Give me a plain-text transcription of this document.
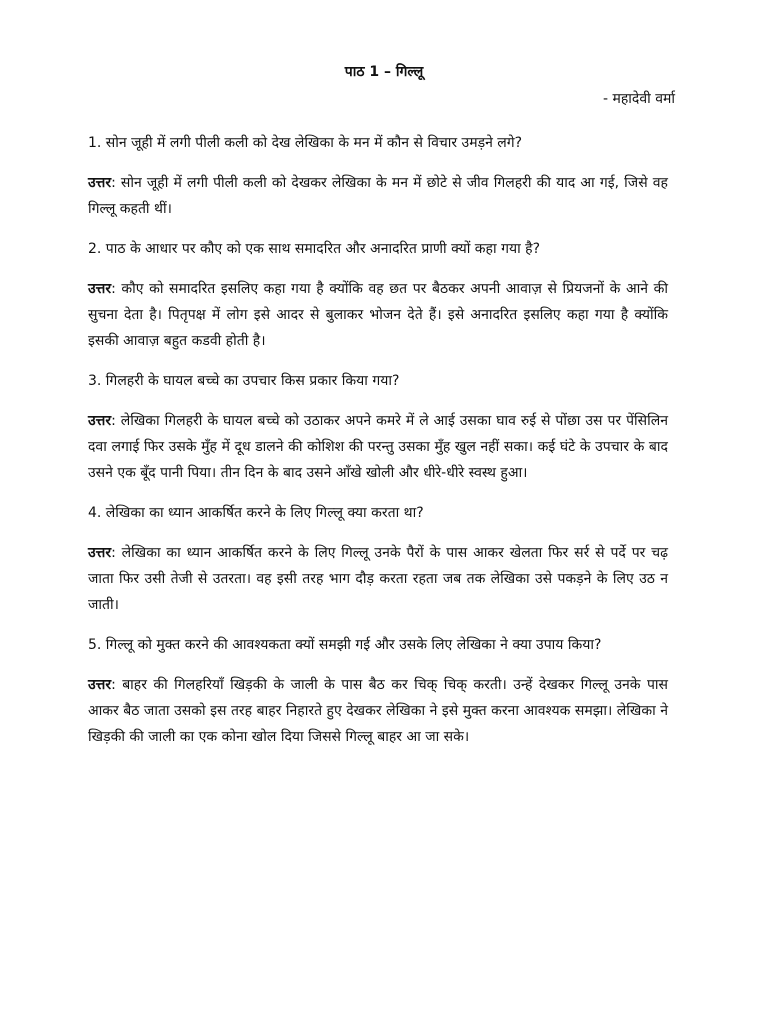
पाठ 1 – गिल्लू
- महादेवी वर्मा

1. सोन जूही में लगी पीली कली को देख लेखिका के मन में कौन से विचार उमड़ने लगे?

उत्तर: सोन जूही में लगी पीली कली को देखकर लेखिका के मन में छोटे से जीव गिलहरी की याद आ गई, जिसे वह गिल्लू कहती थीं।

2. पाठ के आधार पर कौए को एक साथ समादरित और अनादरित प्राणी क्यों कहा गया है?

उत्तर: कौए को समादरित इसलिए कहा गया है क्योंकि वह छत पर बैठकर अपनी आवाज़ से प्रियजनों के आने की सुचना देता है। पितृपक्ष में लोग इसे आदर से बुलाकर भोजन देते हैं। इसे अनादरित इसलिए कहा गया है क्योंकि इसकी आवाज़ बहुत कडवी होती है।

3. गिलहरी के घायल बच्चे का उपचार किस प्रकार किया गया?

उत्तर: लेखिका गिलहरी के घायल बच्चे को उठाकर अपने कमरे में ले आई उसका घाव रुई से पोंछा उस पर पेंसिलिन दवा लगाई फिर उसके मुँह में दूध डालने की कोशिश की परन्तु उसका मुँह खुल नहीं सका। कई घंटे के उपचार के बाद उसने एक बूँद पानी पिया। तीन दिन के बाद उसने आँखे खोली और धीरे-धीरे स्वस्थ हुआ।

4. लेखिका का ध्यान आकर्षित करने के लिए गिल्लू क्या करता था?

उत्तर: लेखिका का ध्यान आकर्षित करने के लिए गिल्लू उनके पैरों के पास आकर खेलता फिर सर्र से पर्दे पर चढ़ जाता फिर उसी तेजी से उतरता। वह इसी तरह भाग दौड़ करता रहता जब तक लेखिका उसे पकड़ने के लिए उठ न जाती।

5. गिल्लू को मुक्त करने की आवश्यकता क्यों समझी गई और उसके लिए लेखिका ने क्या उपाय किया?

उत्तर: बाहर की गिलहरियाँ खिड़की के जाली के पास बैठ कर चिक् चिक् करती। उन्हें देखकर गिल्लू उनके पास आकर बैठ जाता उसको इस तरह बाहर निहारते हुए देखकर लेखिका ने इसे मुक्त करना आवश्यक समझा। लेखिका ने खिड़की की जाली का एक कोना खोल दिया जिससे गिल्लू बाहर आ जा सके।
